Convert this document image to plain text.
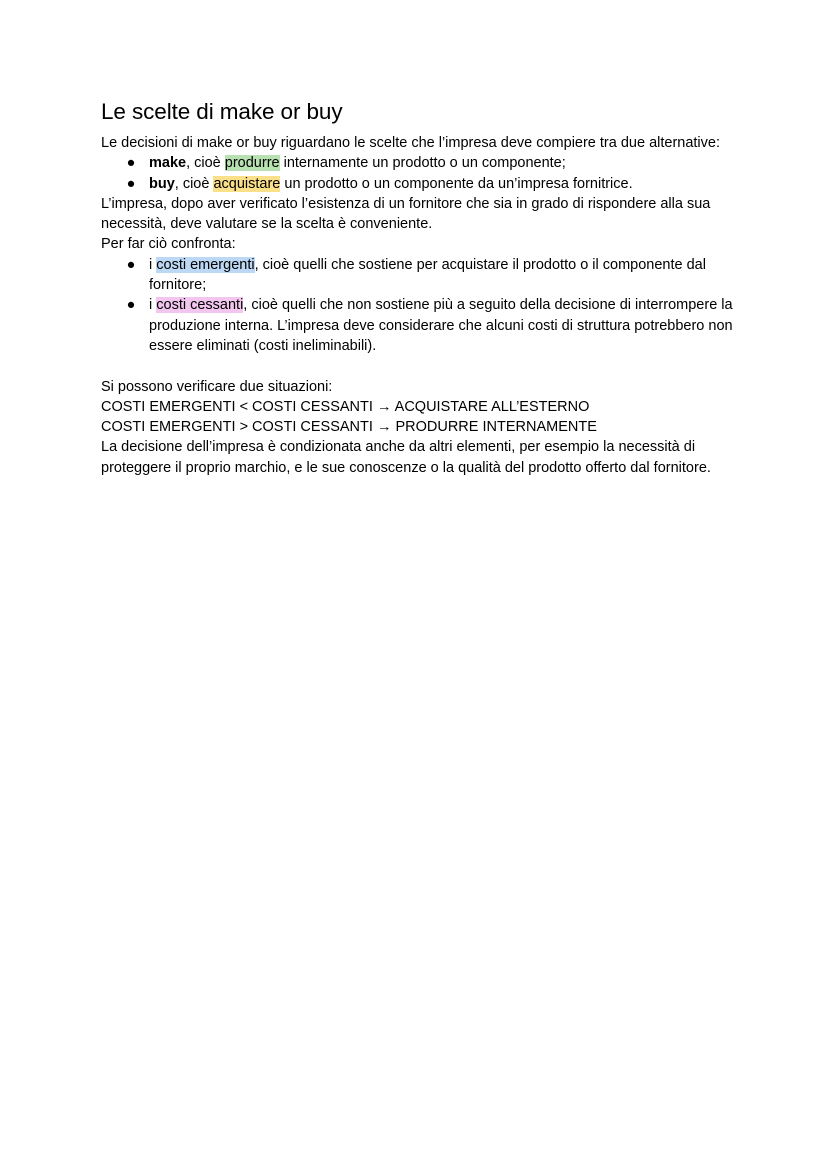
Le scelte di make or buy

Le decisioni di make or buy riguardano le scelte che l’impresa deve compiere tra due alternative:

● make, cioè produrre internamente un prodotto o un componente;
● buy, cioè acquistare un prodotto o un componente da un’impresa fornitrice.

L’impresa, dopo aver verificato l’esistenza di un fornitore che sia in grado di rispondere alla sua necessità, deve valutare se la scelta è conveniente.

Per far ciò confronta:

● i costi emergenti, cioè quelli che sostiene per acquistare il prodotto o il componente dal fornitore;
● i costi cessanti, cioè quelli che non sostiene più a seguito della decisione di interrompere la produzione interna. L’impresa deve considerare che alcuni costi di struttura potrebbero non essere eliminati (costi ineliminabili).

Si possono verificare due situazioni:

COSTI EMERGENTI < COSTI CESSANTI → ACQUISTARE ALL’ESTERNO

COSTI EMERGENTI > COSTI CESSANTI → PRODURRE INTERNAMENTE

La decisione dell’impresa è condizionata anche da altri elementi, per esempio la necessità di proteggere il proprio marchio, e le sue conoscenze o la qualità del prodotto offerto dal fornitore.
